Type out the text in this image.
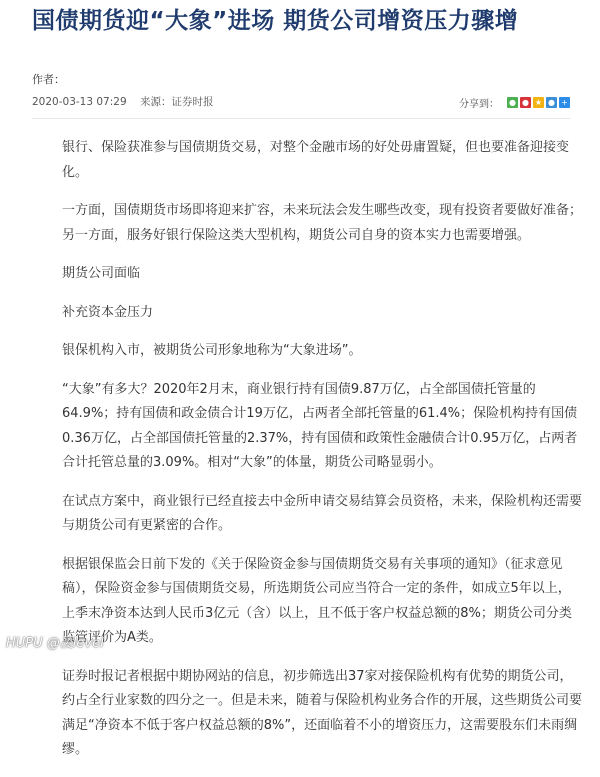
国债期货迎“大象”进场 期货公司增资压力骤增
作者：
2020-03-13 07:29 来源：证券时报	分享到： ● ● ★ ● +

银行、保险获准参与国债期货交易，对整个金融市场的好处毋庸置疑，但也要准备迎接变化。

一方面，国债期货市场即将迎来扩容，未来玩法会发生哪些改变，现有投资者要做好准备；另一方面，服务好银行保险这类大型机构，期货公司自身的资本实力也需要增强。

期货公司面临

补充资本金压力

银保机构入市，被期货公司形象地称为“大象进场”。

“大象”有多大？2020年2月末，商业银行持有国债9.87万亿，占全部国债托管量的64.9%；持有国债和政金债合计19万亿，占两者全部托管量的61.4%；保险机构持有国债0.36万亿，占全部国债托管量的2.37%，持有国债和政策性金融债合计0.95万亿，占两者合计托管总量的3.09%。相对“大象”的体量，期货公司略显弱小。

在试点方案中，商业银行已经直接去中金所申请交易结算会员资格，未来，保险机构还需要与期货公司有更紧密的合作。

根据银保监会日前下发的《关于保险资金参与国债期货交易有关事项的通知》（征求意见稿），保险资金参与国债期货交易，所选期货公司应当符合一定的条件，如成立5年以上，上季末净资本达到人民币3亿元（含）以上，且不低于客户权益总额的8%；期货公司分类监管评价为A类。

证券时报记者根据中期协网站的信息，初步筛选出37家对接保险机构有优势的期货公司，约占全行业家数的四分之一。但是未来，随着与保险机构业务合作的开展，这些期货公司要满足“净资本不低于客户权益总额的8%”，还面临着不小的增资压力，这需要股东们未雨绸缪。

HUPU @凌level
